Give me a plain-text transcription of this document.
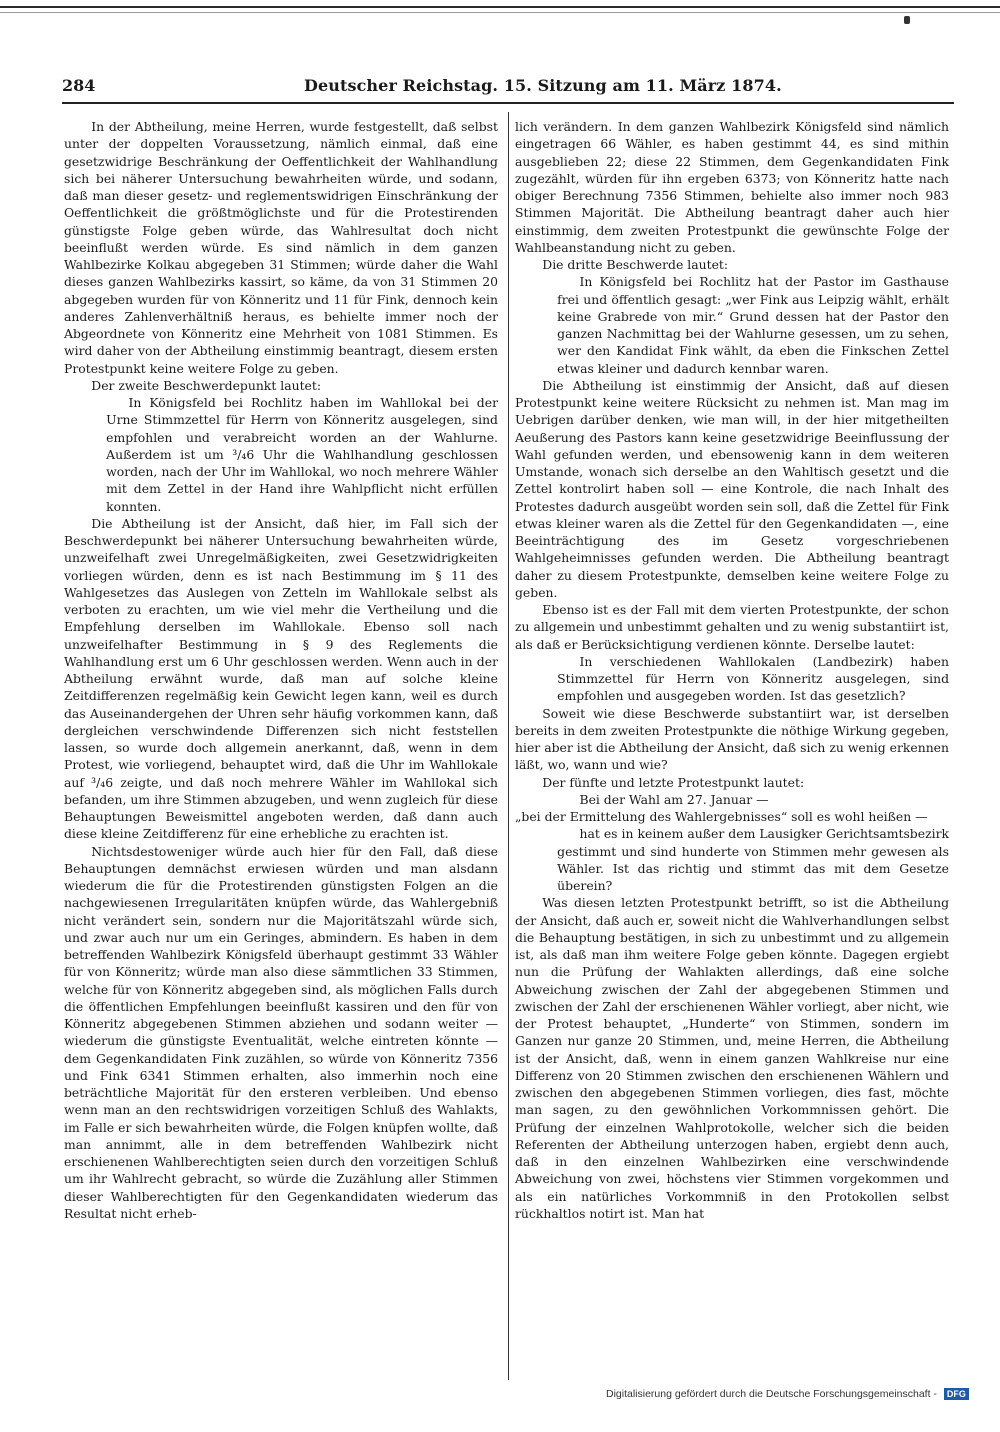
284	Deutscher Reichstag. 15. Sitzung am 11. März 1874.

In der Abtheilung, meine Herren, wurde festgestellt, daß selbst unter der doppelten Voraussetzung, nämlich einmal, daß eine gesetzwidrige Beschränkung der Oeffentlichkeit der Wahlhandlung sich bei näherer Untersuchung bewahrheiten würde, und sodann, daß man dieser gesetz- und reglementswidrigen Einschränkung der Oeffentlichkeit die größtmöglichste und für die Protestirenden günstigste Folge geben würde, das Wahlresultat doch nicht beeinflußt werden würde. Es sind nämlich in dem ganzen Wahlbezirke Kolkau abgegeben 31 Stimmen; würde daher die Wahl dieses ganzen Wahlbezirks kassirt, so käme, da von 31 Stimmen 20 abgegeben wurden für von Könneritz und 11 für Fink, dennoch kein anderes Zahlenverhältniß heraus, es behielte immer noch der Abgeordnete von Könneritz eine Mehrheit von 1081 Stimmen. Es wird daher von der Abtheilung einstimmig beantragt, diesem ersten Protestpunkt keine weitere Folge zu geben.

Der zweite Beschwerdepunkt lautet:

In Königsfeld bei Rochlitz haben im Wahllokal bei der Urne Stimmzettel für Herrn von Könneritz ausgelegen, sind empfohlen und verabreicht worden an der Wahlurne. Außerdem ist um ³/₄6 Uhr die Wahlhandlung geschlossen worden, nach der Uhr im Wahllokal, wo noch mehrere Wähler mit dem Zettel in der Hand ihre Wahlpflicht nicht erfüllen konnten.

Die Abtheilung ist der Ansicht, daß hier, im Fall sich der Beschwerdepunkt bei näherer Untersuchung bewahrheiten würde, unzweifelhaft zwei Unregelmäßigkeiten, zwei Gesetzwidrigkeiten vorliegen würden, denn es ist nach Bestimmung im § 11 des Wahlgesetzes das Auslegen von Zetteln im Wahllokale selbst als verboten zu erachten, um wie viel mehr die Vertheilung und die Empfehlung derselben im Wahllokale. Ebenso soll nach unzweifelhafter Bestimmung in § 9 des Reglements die Wahlhandlung erst um 6 Uhr geschlossen werden. Wenn auch in der Abtheilung erwähnt wurde, daß man auf solche kleine Zeitdifferenzen regelmäßig kein Gewicht legen kann, weil es durch das Auseinandergehen der Uhren sehr häufig vorkommen kann, daß dergleichen verschwindende Differenzen sich nicht feststellen lassen, so wurde doch allgemein anerkannt, daß, wenn in dem Protest, wie vorliegend, behauptet wird, daß die Uhr im Wahllokale auf ³/₄6 zeigte, und daß noch mehrere Wähler im Wahllokal sich befanden, um ihre Stimmen abzugeben, und wenn zugleich für diese Behauptungen Beweismittel angeboten werden, daß dann auch diese kleine Zeitdifferenz für eine erhebliche zu erachten ist.

Nichtsdestoweniger würde auch hier für den Fall, daß diese Behauptungen demnächst erwiesen würden und man alsdann wiederum die für die Protestirenden günstigsten Folgen an die nachgewiesenen Irregularitäten knüpfen würde, das Wahlergebniß nicht verändert sein, sondern nur die Majoritätszahl würde sich, und zwar auch nur um ein Geringes, abmindern. Es haben in dem betreffenden Wahlbezirk Königsfeld überhaupt gestimmt 33 Wähler für von Könneritz; würde man also diese sämmtlichen 33 Stimmen, welche für von Könneritz abgegeben sind, als möglichen Falls durch die öffentlichen Empfehlungen beeinflußt kassiren und den für von Könneritz abgegebenen Stimmen abziehen und sodann weiter — wiederum die günstigste Eventualität, welche eintreten könnte — dem Gegenkandidaten Fink zuzählen, so würde von Könneritz 7356 und Fink 6341 Stimmen erhalten, also immerhin noch eine beträchtliche Majorität für den ersteren verbleiben. Und ebenso wenn man an den rechtswidrigen vorzeitigen Schluß des Wahlakts, im Falle er sich bewahrheiten würde, die Folgen knüpfen wollte, daß man annimmt, alle in dem betreffenden Wahlbezirk nicht erschienenen Wahlberechtigten seien durch den vorzeitigen Schluß um ihr Wahlrecht gebracht, so würde die Zuzählung aller Stimmen dieser Wahlberechtigten für den Gegenkandidaten wiederum das Resultat nicht erheb-

lich verändern. In dem ganzen Wahlbezirk Königsfeld sind nämlich eingetragen 66 Wähler, es haben gestimmt 44, es sind mithin ausgeblieben 22; diese 22 Stimmen, dem Gegenkandidaten Fink zugezählt, würden für ihn ergeben 6373; von Könneritz hatte nach obiger Berechnung 7356 Stimmen, behielte also immer noch 983 Stimmen Majorität. Die Abtheilung beantragt daher auch hier einstimmig, dem zweiten Protestpunkt die gewünschte Folge der Wahlbeanstandung nicht zu geben.

Die dritte Beschwerde lautet:

In Königsfeld bei Rochlitz hat der Pastor im Gasthause frei und öffentlich gesagt: „wer Fink aus Leipzig wählt, erhält keine Grabrede von mir.“ Grund dessen hat der Pastor den ganzen Nachmittag bei der Wahlurne gesessen, um zu sehen, wer den Kandidat Fink wählt, da eben die Finkschen Zettel etwas kleiner und dadurch kennbar waren.

Die Abtheilung ist einstimmig der Ansicht, daß auf diesen Protestpunkt keine weitere Rücksicht zu nehmen ist. Man mag im Uebrigen darüber denken, wie man will, in der hier mitgetheilten Aeußerung des Pastors kann keine gesetzwidrige Beeinflussung der Wahl gefunden werden, und ebensowenig kann in dem weiteren Umstande, wonach sich derselbe an den Wahltisch gesetzt und die Zettel kontrolirt haben soll — eine Kontrole, die nach Inhalt des Protestes dadurch ausgeübt worden sein soll, daß die Zettel für Fink etwas kleiner waren als die Zettel für den Gegenkandidaten —, eine Beeinträchtigung des im Gesetz vorgeschriebenen Wahlgeheimnisses gefunden werden. Die Abtheilung beantragt daher zu diesem Protestpunkte, demselben keine weitere Folge zu geben.

Ebenso ist es der Fall mit dem vierten Protestpunkte, der schon zu allgemein und unbestimmt gehalten und zu wenig substantiirt ist, als daß er Berücksichtigung verdienen könnte. Derselbe lautet:

In verschiedenen Wahllokalen (Landbezirk) haben Stimmzettel für Herrn von Könneritz ausgelegen, sind empfohlen und ausgegeben worden. Ist das gesetzlich?

Soweit wie diese Beschwerde substantiirt war, ist derselben bereits in dem zweiten Protestpunkte die nöthige Wirkung gegeben, hier aber ist die Abtheilung der Ansicht, daß sich zu wenig erkennen läßt, wo, wann und wie?

Der fünfte und letzte Protestpunkt lautet:

Bei der Wahl am 27. Januar —

„bei der Ermittelung des Wahlergebnisses“ soll es wohl heißen —

hat es in keinem außer dem Lausigker Gerichtsamtsbezirk gestimmt und sind hunderte von Stimmen mehr gewesen als Wähler. Ist das richtig und stimmt das mit dem Gesetze überein?

Was diesen letzten Protestpunkt betrifft, so ist die Abtheilung der Ansicht, daß auch er, soweit nicht die Wahlverhandlungen selbst die Behauptung bestätigen, in sich zu unbestimmt und zu allgemein ist, als daß man ihm weitere Folge geben könnte. Dagegen ergiebt nun die Prüfung der Wahlakten allerdings, daß eine solche Abweichung zwischen der Zahl der abgegebenen Stimmen und zwischen der Zahl der erschienenen Wähler vorliegt, aber nicht, wie der Protest behauptet, „Hunderte“ von Stimmen, sondern im Ganzen nur ganze 20 Stimmen, und, meine Herren, die Abtheilung ist der Ansicht, daß, wenn in einem ganzen Wahlkreise nur eine Differenz von 20 Stimmen zwischen den erschienenen Wählern und zwischen den abgegebenen Stimmen vorliegen, dies fast, möchte man sagen, zu den gewöhnlichen Vorkommnissen gehört. Die Prüfung der einzelnen Wahlprotokolle, welcher sich die beiden Referenten der Abtheilung unterzogen haben, ergiebt denn auch, daß in den einzelnen Wahlbezirken eine verschwindende Abweichung von zwei, höchstens vier Stimmen vorgekommen und als ein natürliches Vorkommniß in den Protokollen selbst rückhaltlos notirt ist. Man hat

Digitalisierung gefördert durch die Deutsche Forschungsgemeinschaft - DFG
